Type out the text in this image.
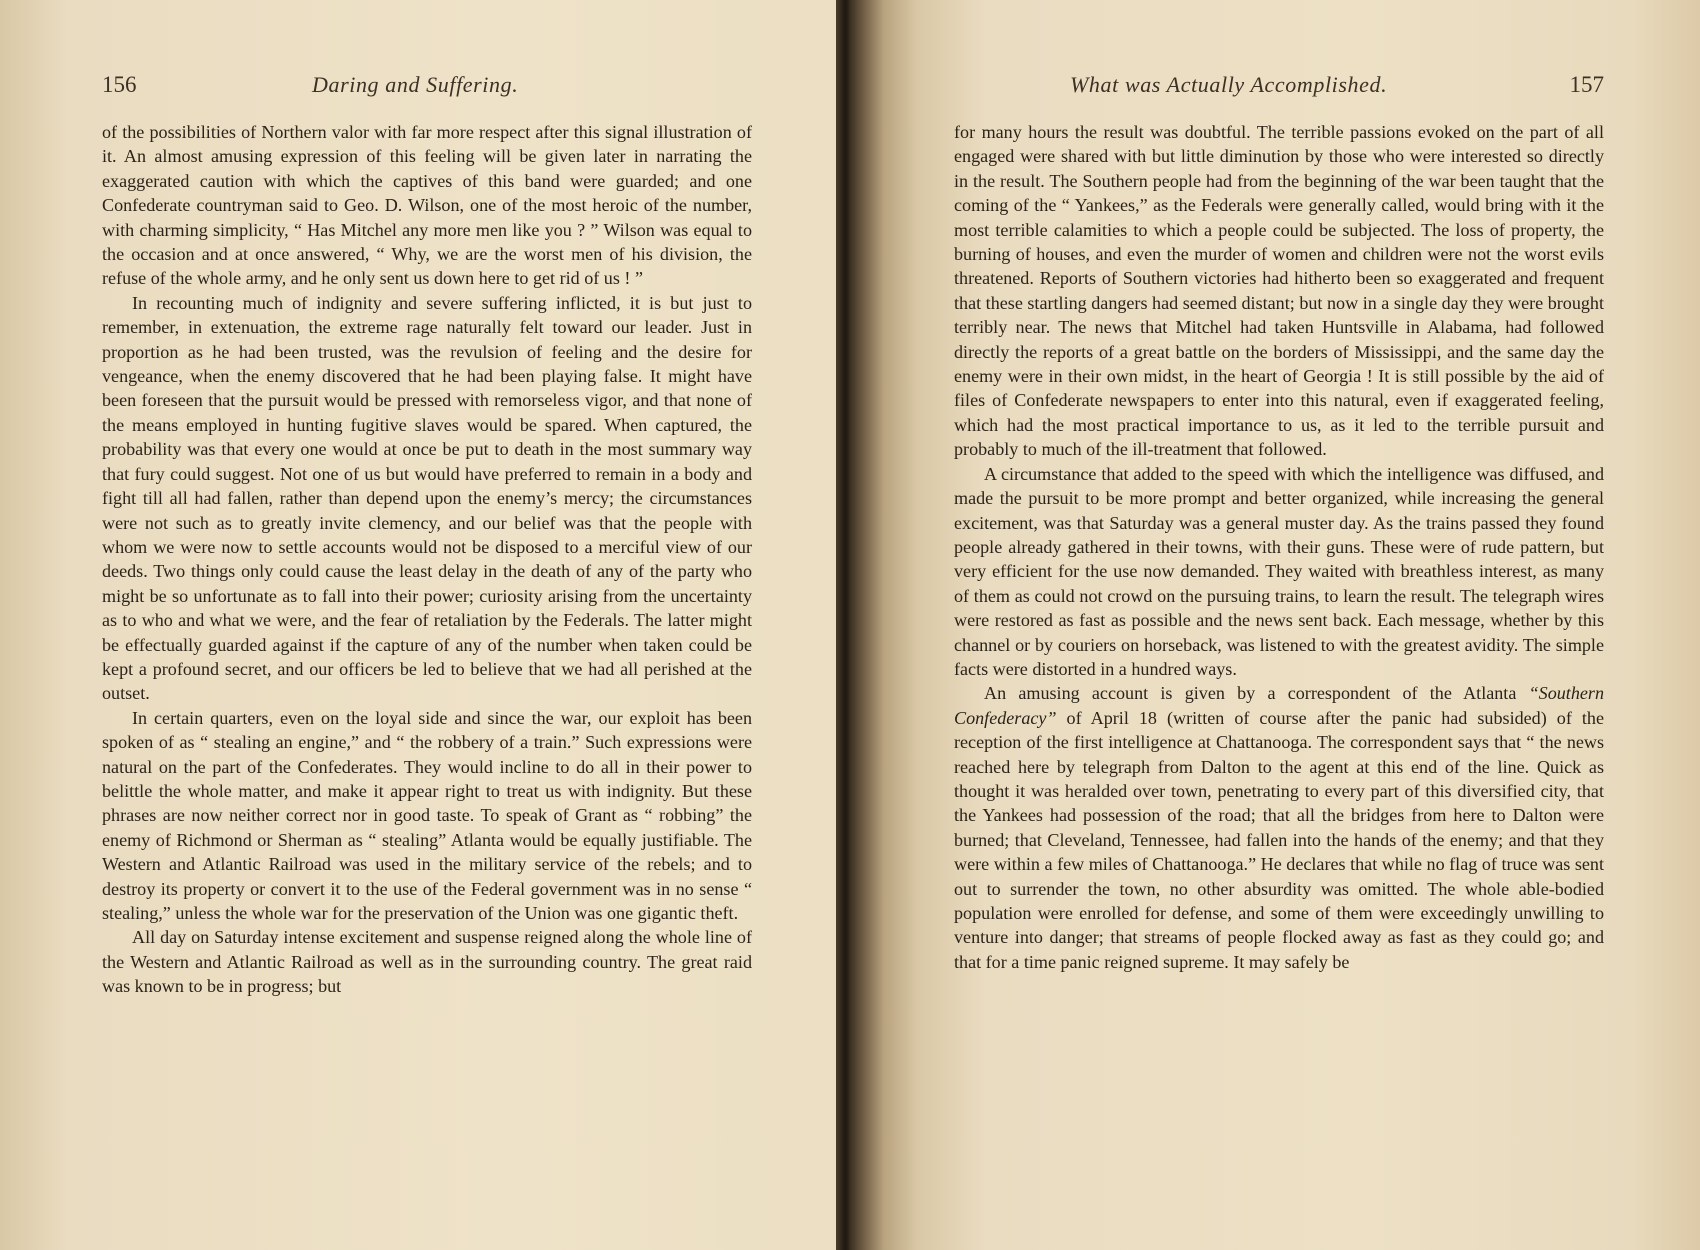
156	Daring and Suffering.

of the possibilities of Northern valor with far more respect after this signal illustration of it. An almost amusing expression of this feeling will be given later in narrating the exaggerated caution with which the captives of this band were guarded; and one Confederate countryman said to Geo. D. Wilson, one of the most heroic of the number, with charming simplicity, “ Has Mitchel any more men like you ? ” Wilson was equal to the occasion and at once answered, “ Why, we are the worst men of his division, the refuse of the whole army, and he only sent us down here to get rid of us ! ”

In recounting much of indignity and severe suffering inflicted, it is but just to remember, in extenuation, the extreme rage naturally felt toward our leader. Just in proportion as he had been trusted, was the revulsion of feeling and the desire for vengeance, when the enemy discovered that he had been playing false. It might have been foreseen that the pursuit would be pressed with remorseless vigor, and that none of the means employed in hunting fugitive slaves would be spared. When captured, the probability was that every one would at once be put to death in the most summary way that fury could suggest. Not one of us but would have preferred to remain in a body and fight till all had fallen, rather than depend upon the enemy’s mercy; the circumstances were not such as to greatly invite clemency, and our belief was that the people with whom we were now to settle accounts would not be disposed to a merciful view of our deeds. Two things only could cause the least delay in the death of any of the party who might be so unfortunate as to fall into their power; curiosity arising from the uncertainty as to who and what we were, and the fear of retaliation by the Federals. The latter might be effectually guarded against if the capture of any of the number when taken could be kept a profound secret, and our officers be led to believe that we had all perished at the outset.

In certain quarters, even on the loyal side and since the war, our exploit has been spoken of as “ stealing an engine,” and “ the robbery of a train.” Such expressions were natural on the part of the Confederates. They would incline to do all in their power to belittle the whole matter, and make it appear right to treat us with indignity. But these phrases are now neither correct nor in good taste. To speak of Grant as “ robbing” the enemy of Richmond or Sherman as “ stealing” Atlanta would be equally justifiable. The Western and Atlantic Railroad was used in the military service of the rebels; and to destroy its property or convert it to the use of the Federal government was in no sense “ stealing,” unless the whole war for the preservation of the Union was one gigantic theft.

All day on Saturday intense excitement and suspense reigned along the whole line of the Western and Atlantic Railroad as well as in the surrounding country. The great raid was known to be in progress; but

What was Actually Accomplished.	157

for many hours the result was doubtful. The terrible passions evoked on the part of all engaged were shared with but little diminution by those who were interested so directly in the result. The Southern people had from the beginning of the war been taught that the coming of the “ Yankees,” as the Federals were generally called, would bring with it the most terrible calamities to which a people could be subjected. The loss of property, the burning of houses, and even the murder of women and children were not the worst evils threatened. Reports of Southern victories had hitherto been so exaggerated and frequent that these startling dangers had seemed distant; but now in a single day they were brought terribly near. The news that Mitchel had taken Huntsville in Alabama, had followed directly the reports of a great battle on the borders of Mississippi, and the same day the enemy were in their own midst, in the heart of Georgia ! It is still possible by the aid of files of Confederate newspapers to enter into this natural, even if exaggerated feeling, which had the most practical importance to us, as it led to the terrible pursuit and probably to much of the ill-treatment that followed.

A circumstance that added to the speed with which the intelligence was diffused, and made the pursuit to be more prompt and better organized, while increasing the general excitement, was that Saturday was a general muster day. As the trains passed they found people already gathered in their towns, with their guns. These were of rude pattern, but very efficient for the use now demanded. They waited with breathless interest, as many of them as could not crowd on the pursuing trains, to learn the result. The telegraph wires were restored as fast as possible and the news sent back. Each message, whether by this channel or by couriers on horseback, was listened to with the greatest avidity. The simple facts were distorted in a hundred ways.

An amusing account is given by a correspondent of the Atlanta “Southern Confederacy” of April 18 (written of course after the panic had subsided) of the reception of the first intelligence at Chattanooga. The correspondent says that “ the news reached here by telegraph from Dalton to the agent at this end of the line. Quick as thought it was heralded over town, penetrating to every part of this diversified city, that the Yankees had possession of the road; that all the bridges from here to Dalton were burned; that Cleveland, Tennessee, had fallen into the hands of the enemy; and that they were within a few miles of Chattanooga.” He declares that while no flag of truce was sent out to surrender the town, no other absurdity was omitted. The whole able-bodied population were enrolled for defense, and some of them were exceedingly unwilling to venture into danger; that streams of people flocked away as fast as they could go; and that for a time panic reigned supreme. It may safely be
